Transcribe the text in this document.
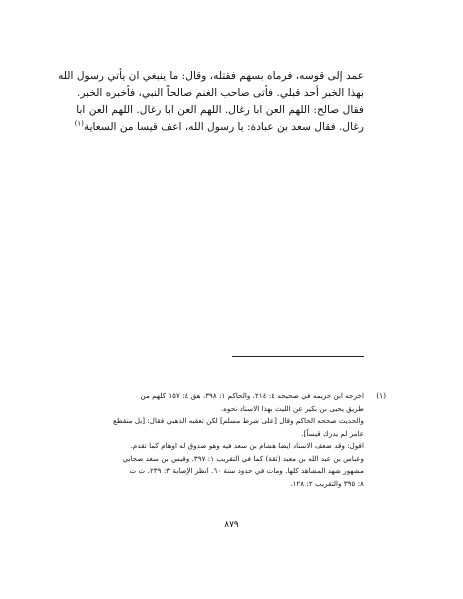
عمد إلى قوسه، فرماه بسهم فقتله، وقال: ما ينبغي ان يأتي رسول الله
بهذا الخبر أحد قبلي. فأتى صاحب الغنم صالحاً النبي، فأخبره الخبر.
فقال صالح: اللهم العن ابا رغال. اللهم العن ابا رغال. اللهم العن ابا
رغال. فقال سعد بن عبادة: يا رسول الله، اعف قيسا من السعاية$^{(١)}$
(١)
اخرجه ابن خزيمه في صحيحه ٤: ٢١٤، والحاكم ١: ٣٩٨، هق ٤: ١٥٧ كلهم من
طريق يحيى بن بكير عن الليث بهذا الاسناد نحوه.
والحديث صححه الحاكم وقال [على شرط مسلم] لكن تعقبه الذهبي فقال: [بل منقطع
عامر لم يدرك قيساً].
اقول: وقد ضعف الاسناد ايضا هشام بن سعد فيه وهو صدوق له اوهام كما تقدم.
وعباس بن عبد الله بن معبد (ثقة) كما في التقريب ١: ٣٩٧. وقيس بن سعد صحابي
مشهور شهد المشاهد كلها. ومات في حدود سنة ٦٠. انظر الإصابة ٣: ٢٣٩، ت ت
٨: ٣٩٥ والتقريب ٢: ١٢٨.
٨٧٩
